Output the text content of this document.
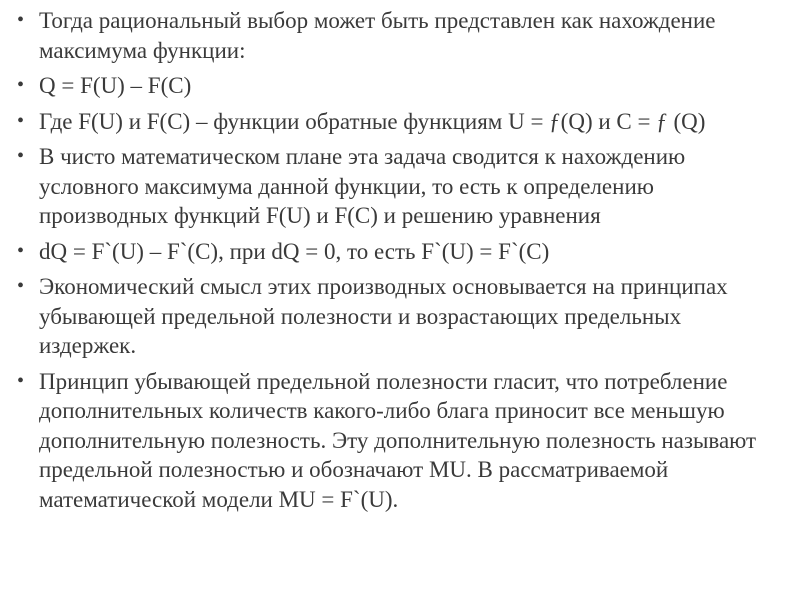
• Тогда рациональный выбор может быть представлен как нахождение максимума функции:
• Q = F(U) – F(C)
• Где F(U) и F(C) – функции обратные функциям U = ƒ(Q) и C = ƒ (Q)
• В чисто математическом плане эта задача сводится к нахождению условного максимума данной функции, то есть к определению производных функций F(U) и F(C) и решению уравнения
• dQ = F`(U) – F`(C), при dQ = 0, то есть F`(U) = F`(C)
• Экономический смысл этих производных основывается на принципах убывающей предельной полезности и возрастающих предельных издержек.
• Принцип убывающей предельной полезности гласит, что потребление дополнительных количеств какого-либо блага приносит все меньшую дополнительную полезность. Эту дополнительную полезность называют предельной полезностью и обозначают MU. В рассматриваемой математической модели MU = F`(U).
